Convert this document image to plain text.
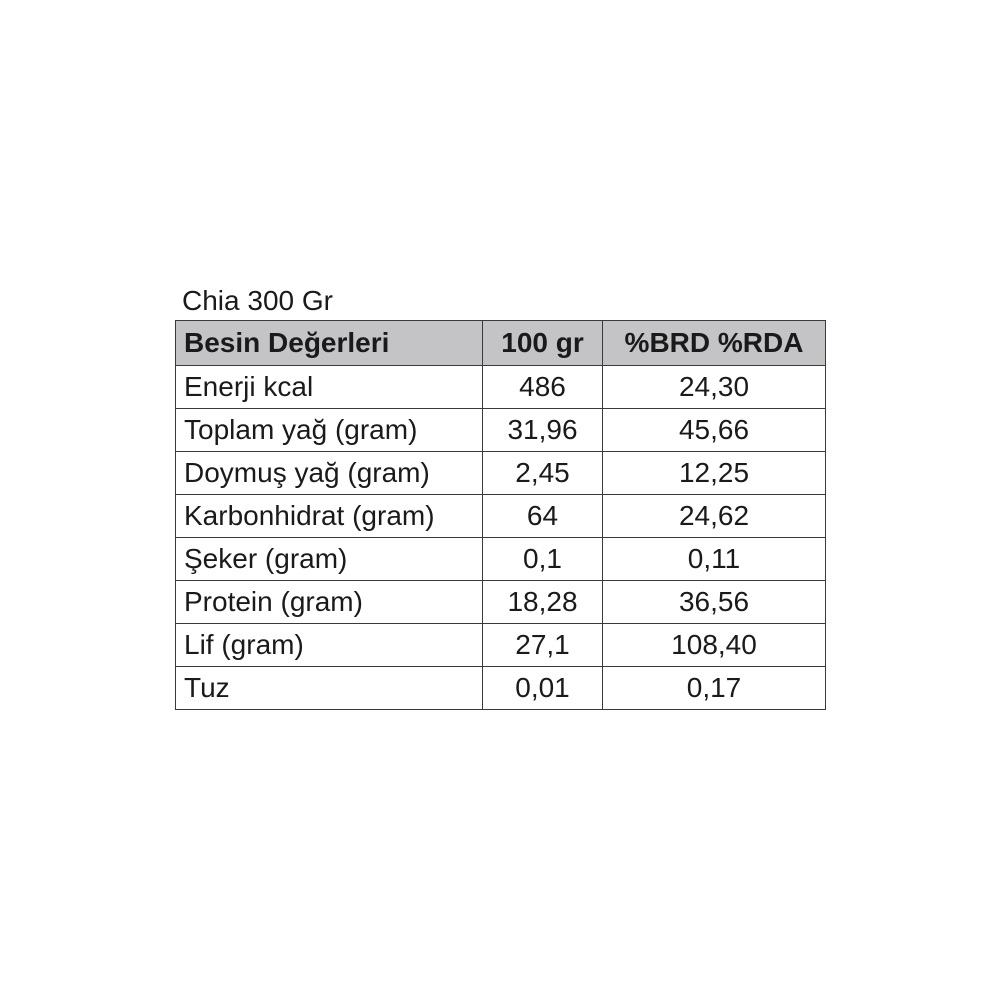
Chia 300 Gr
Besin Değerleri	100 gr	%BRD %RDA
Enerji kcal	486	24,30
Toplam yağ (gram)	31,96	45,66
Doymuş yağ (gram)	2,45	12,25
Karbonhidrat (gram)	64	24,62
Şeker (gram)	0,1	0,11
Protein (gram)	18,28	36,56
Lif (gram)	27,1	108,40
Tuz	0,01	0,17
